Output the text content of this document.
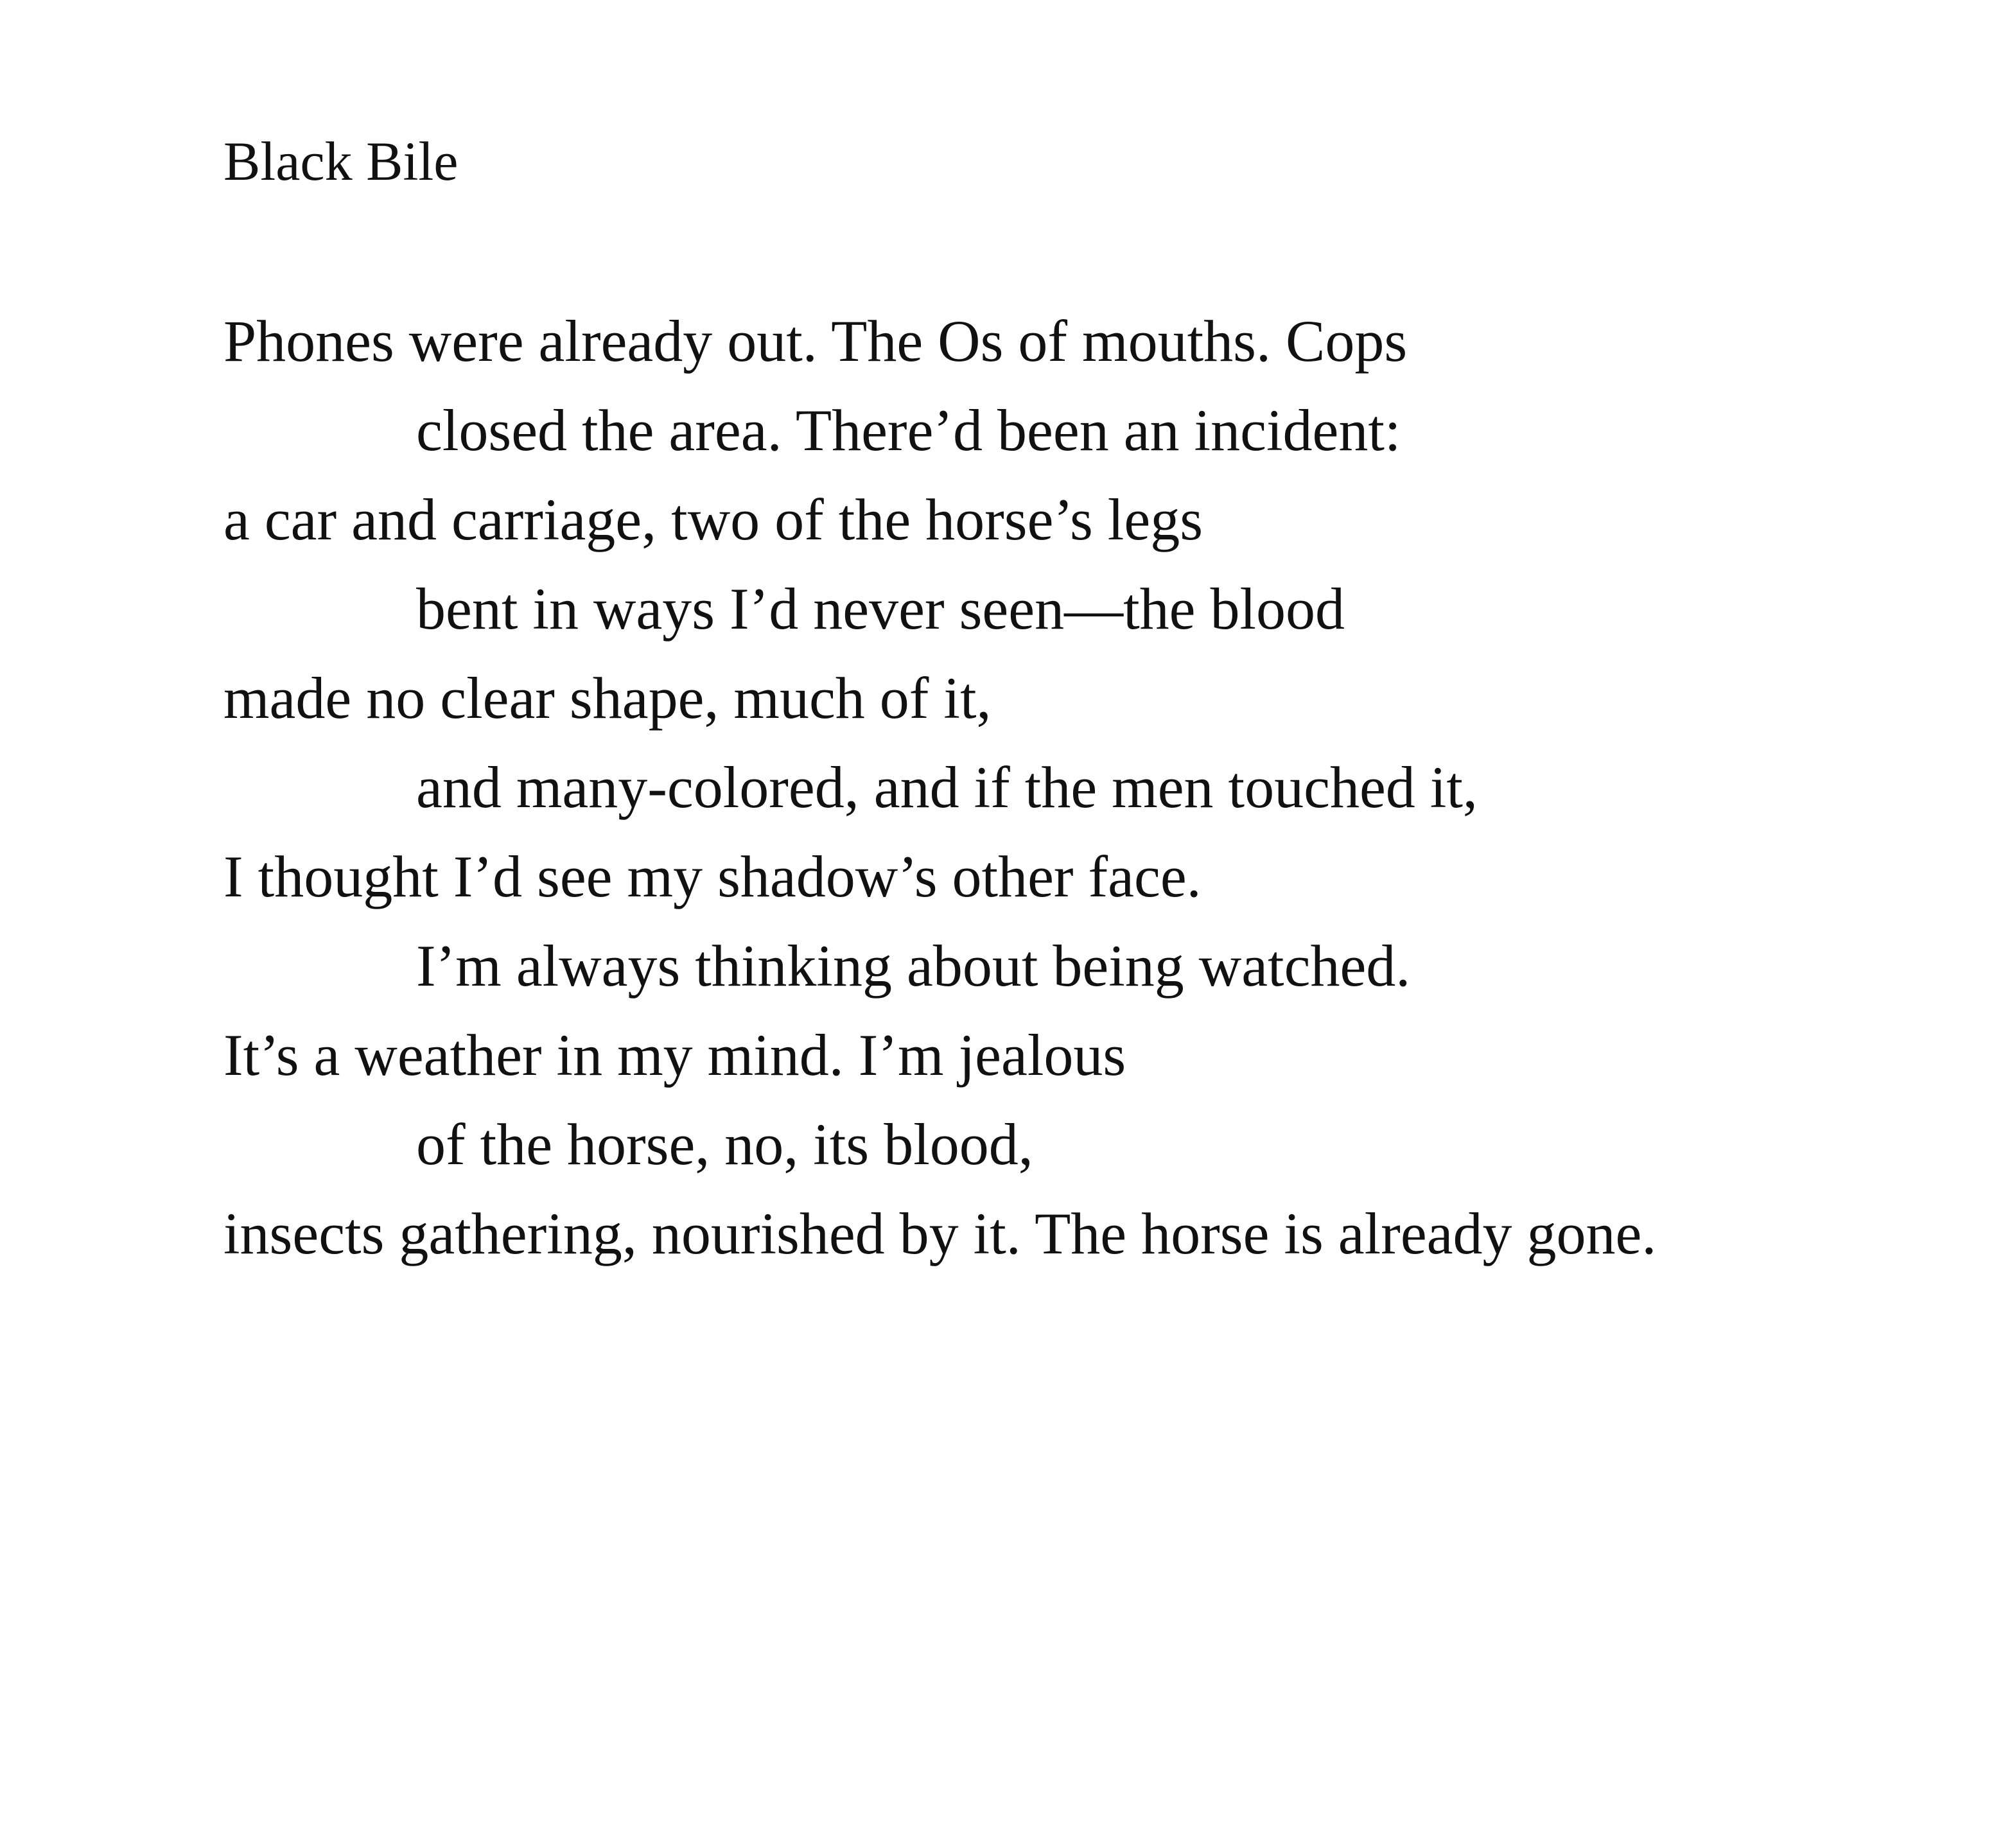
Black Bile
Phones were already out. The Os of mouths. Cops
closed the area. There’d been an incident:
a car and carriage, two of the horse’s legs
bent in ways I’d never seen—the blood
made no clear shape, much of it,
and many-colored, and if the men touched it,
I thought I’d see my shadow’s other face.
I’m always thinking about being watched.
It’s a weather in my mind. I’m jealous
of the horse, no, its blood,
insects gathering, nourished by it. The horse is already gone.
